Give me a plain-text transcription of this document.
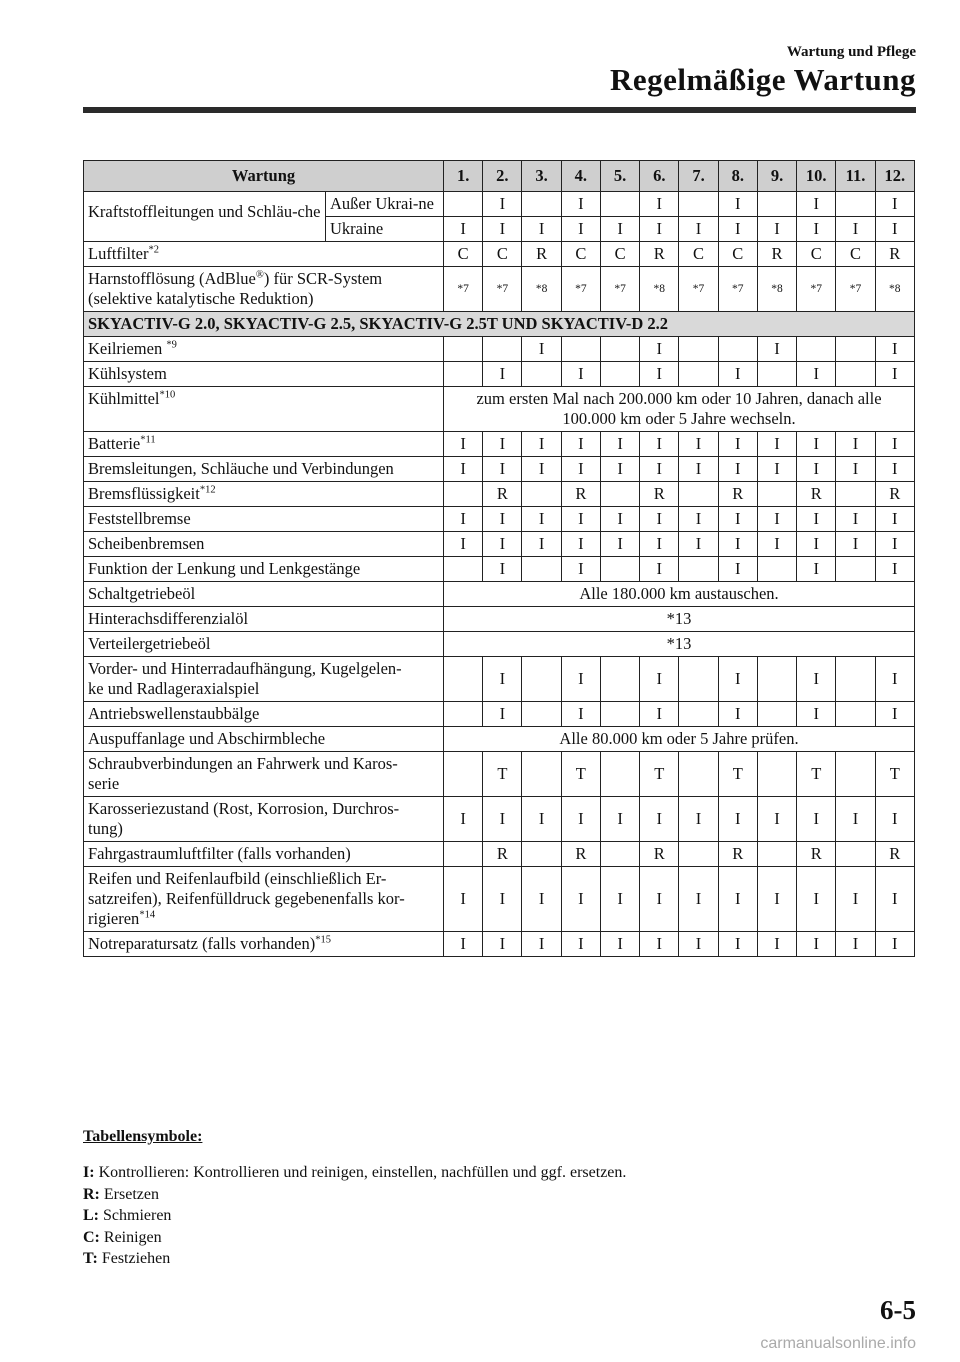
Wartung und Pflege
Regelmäßige Wartung
Wartung		1.	2.	3.	4.	5.	6.	7.	8.	9.	10.	11.	12.
Kraftstoffleitungen und Schläu-che	Außer Ukrai-ne		I		I		I		I		I		I
	Ukraine	I	I	I	I	I	I	I	I	I	I	I	I
Luftfilter$^{*2}$		C	C	R	C	C	R	C	C	R	C	C	R
Harnstofflösung (AdBlue®) für SCR-System
(selektive katalytische Reduktion)		*7	*7	*8	*7	*7	*8	*7	*7	*8	*7	*7	*8
SKYACTIV-G 2.0, SKYACTIV-G 2.5, SKYACTIV-G 2.5T UND SKYACTIV-D 2.2													
Keilriemen $^{*9}$				I			I			I			I
Kühlsystem			I		I		I		I		I		I
Kühlmittel$^{*10}$		zum ersten Mal nach 200.000 km oder 10 Jahren, danach alle 100.000 km oder 5 Jahre wechseln.											
Batterie$^{*11}$		I	I	I	I	I	I	I	I	I	I	I	I
Bremsleitungen, Schläuche und Verbindungen		I	I	I	I	I	I	I	I	I	I	I	I
Bremsflüssigkeit$^{*12}$			R		R		R		R		R		R
Feststellbremse		I	I	I	I	I	I	I	I	I	I	I	I
Scheibenbremsen		I	I	I	I	I	I	I	I	I	I	I	I
Funktion der Lenkung und Lenkgestänge			I		I		I		I		I		I
Schaltgetriebeöl		Alle 180.000 km austauschen.											
Hinterachsdifferenzialöl		*13											
Verteilergetriebeöl		*13											
Vorder- und Hinterradaufhängung, Kugelgelen-
ke und Radlageraxialspiel			I		I		I		I		I		I
Antriebswellenstaubbälge			I		I		I		I		I		I
Auspuffanlage und Abschirmbleche		Alle 80.000 km oder 5 Jahre prüfen.											
Schraubverbindungen an Fahrwerk und Karos-
serie			T		T		T		T		T		T
Karosseriezustand (Rost, Korrosion, Durchros-
tung)		I	I	I	I	I	I	I	I	I	I	I	I
Fahrgastraumluftfilter (falls vorhanden)			R		R		R		R		R		R
Reifen und Reifenlaufbild (einschließlich Er-
satzreifen), Reifenfülldruck gegebenenfalls kor-
rigieren$^{*14}$		I	I	I	I	I	I	I	I	I	I	I	I
Notreparatursatz (falls vorhanden)$^{*15}$		I	I	I	I	I	I	I	I	I	I	I	I
Tabellensymbole:
I: Kontrollieren: Kontrollieren und reinigen, einstellen, nachfüllen und ggf. ersetzen.
R: Ersetzen
L: Schmieren
C: Reinigen
T: Festziehen
6-5
carmanualsonline.info
